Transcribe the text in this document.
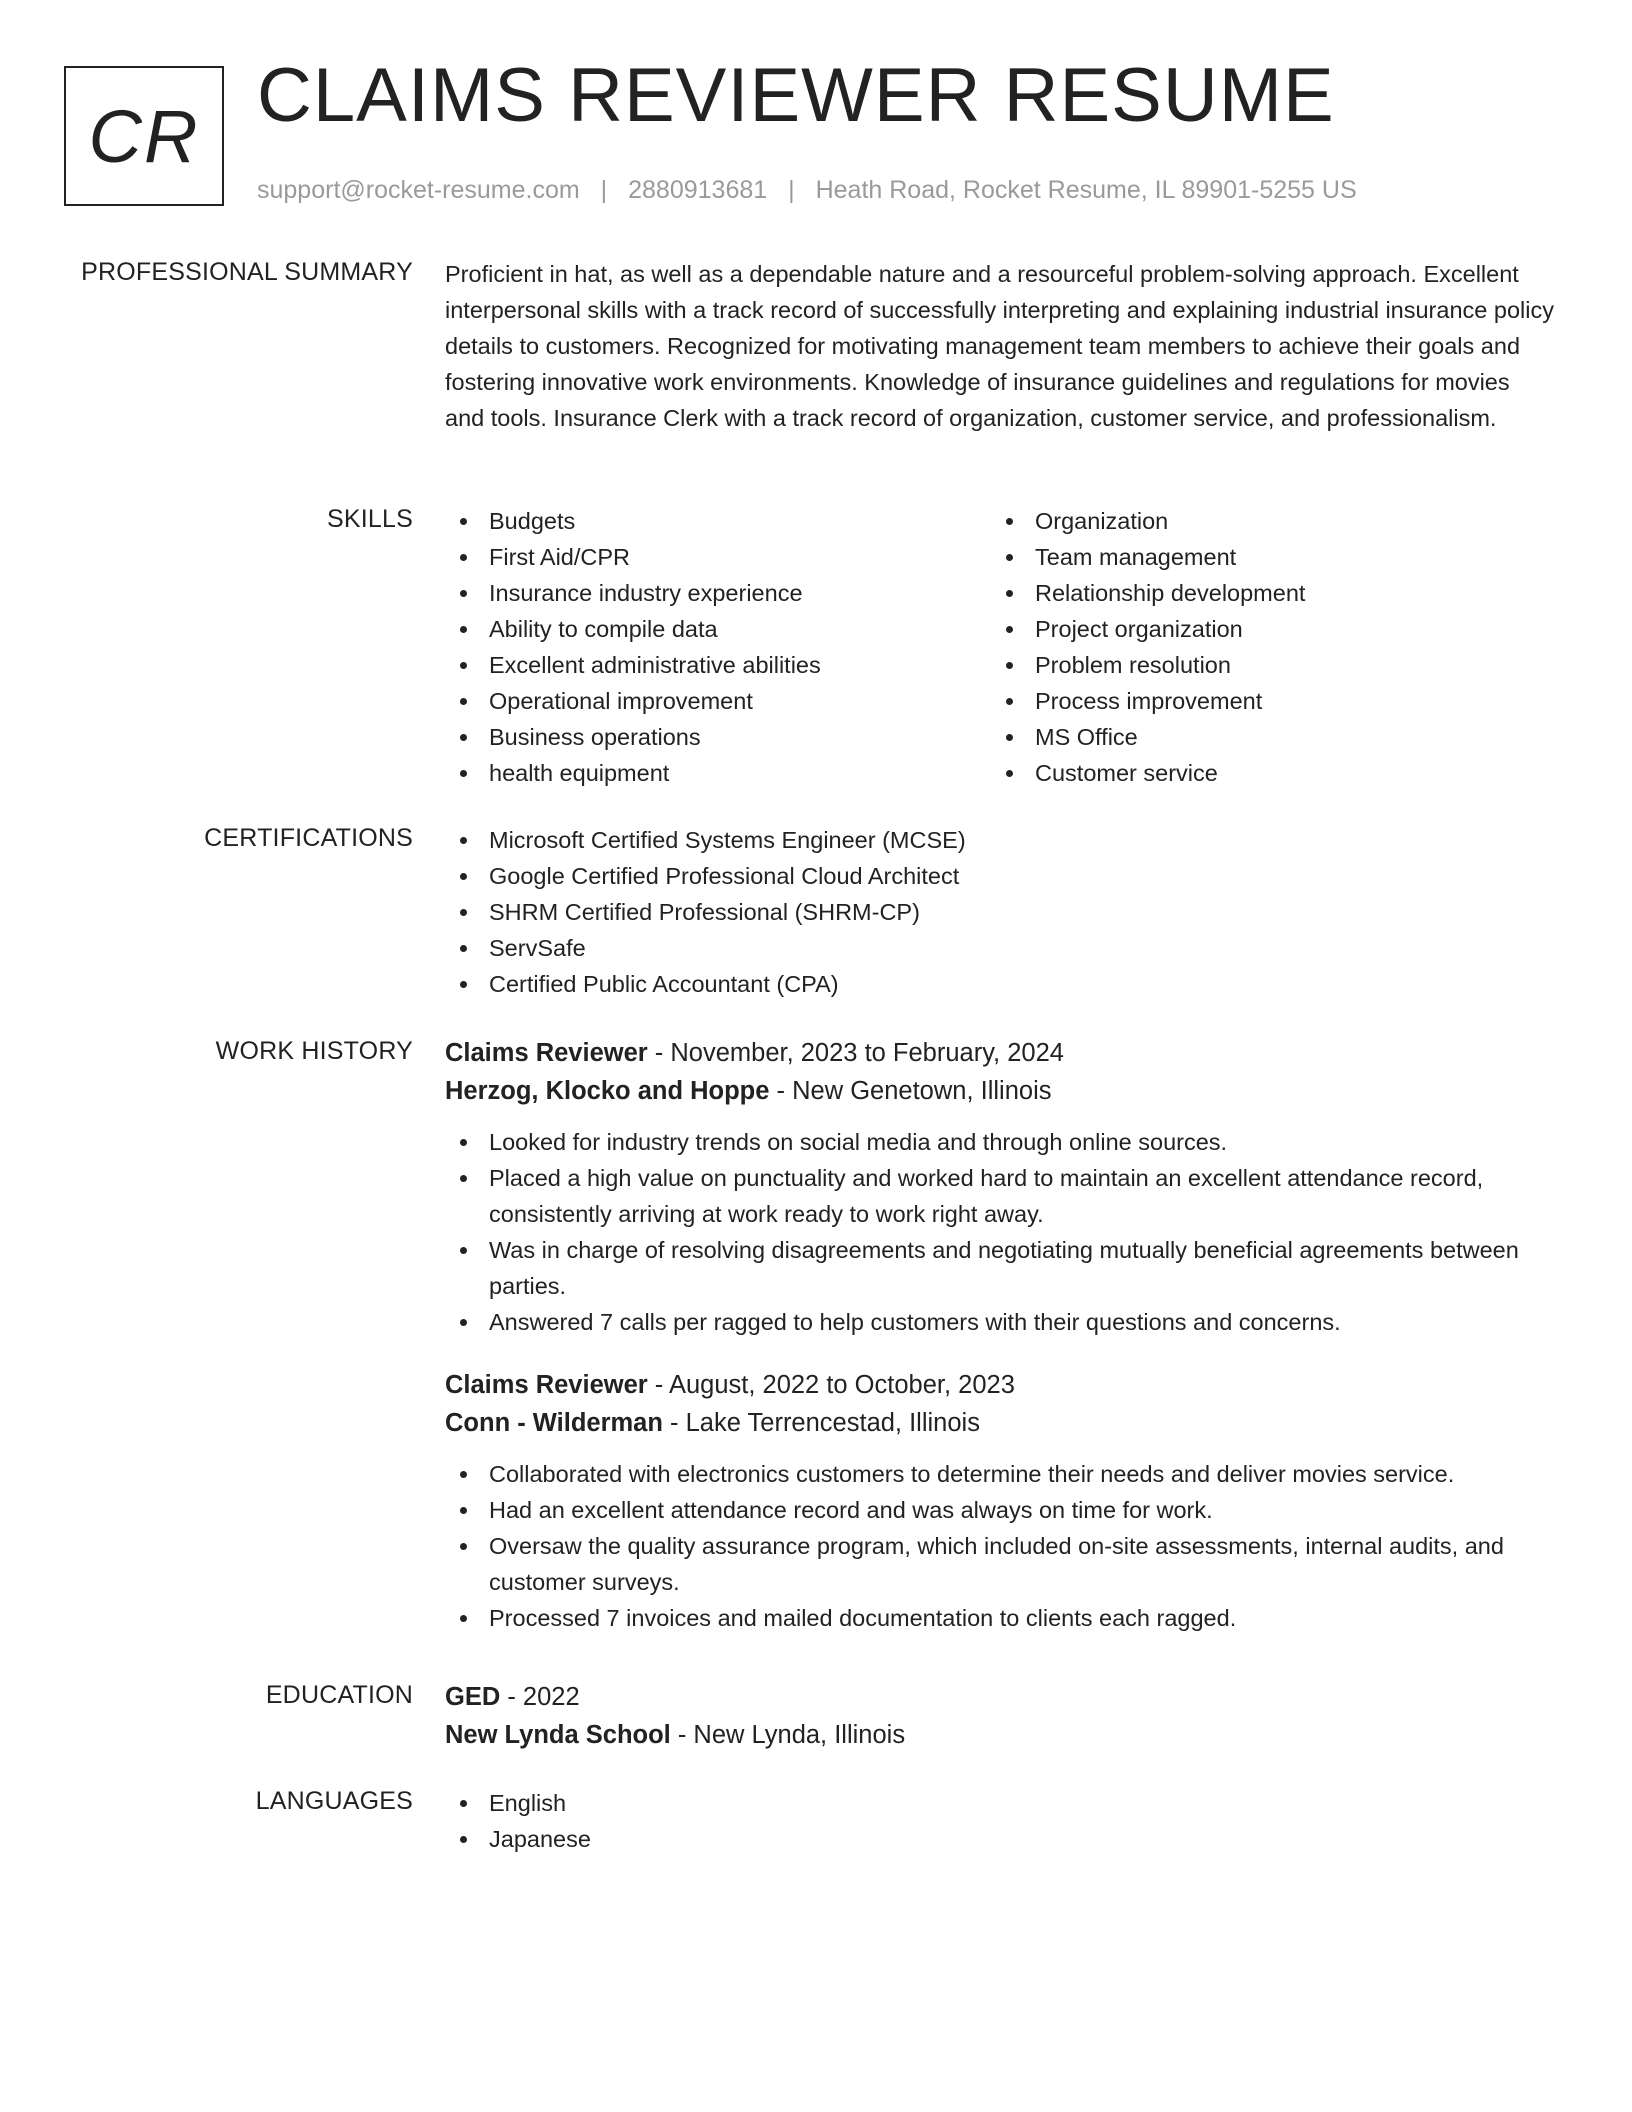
CR CLAIMS REVIEWER RESUME
support@rocket-resume.com | 2880913681 | Heath Road, Rocket Resume, IL 89901-5255 US
PROFESSIONAL SUMMARY Proficient in hat, as well as a dependable nature and a resourceful problem-solving approach. Excellent interpersonal skills with a track record of successfully interpreting and explaining industrial insurance policy details to customers. Recognized for motivating management team members to achieve their goals and fostering innovative work environments. Knowledge of insurance guidelines and regulations for movies and tools. Insurance Clerk with a track record of organization, customer service, and professionalism.
SKILLS	Budgets
First Aid/CPR
Insurance industry experience
Ability to compile data
Excellent administrative abilities
Operational improvement
Business operations
health equipment
Organization
Team management
Relationship development
Project organization
Problem resolution
Process improvement
MS Office
Customer service
CERTIFICATIONS	Microsoft Certified Systems Engineer (MCSE)
Google Certified Professional Cloud Architect
SHRM Certified Professional (SHRM-CP)
ServSafe
Certified Public Accountant (CPA)
WORK HISTORY Claims Reviewer - November, 2023 to February, 2024
Herzog, Klocko and Hoppe - New Genetown, Illinois
Looked for industry trends on social media and through online sources.
Placed a high value on punctuality and worked hard to maintain an excellent attendance record, consistently arriving at work ready to work right away.
Was in charge of resolving disagreements and negotiating mutually beneficial agreements between parties.
Answered 7 calls per ragged to help customers with their questions and concerns.
Claims Reviewer - August, 2022 to October, 2023
Conn - Wilderman - Lake Terrencestad, Illinois
Collaborated with electronics customers to determine their needs and deliver movies service.
Had an excellent attendance record and was always on time for work.
Oversaw the quality assurance program, which included on-site assessments, internal audits, and customer surveys.
Processed 7 invoices and mailed documentation to clients each ragged.
EDUCATION GED - 2022
New Lynda School - New Lynda, Illinois
LANGUAGES	English
Japanese
